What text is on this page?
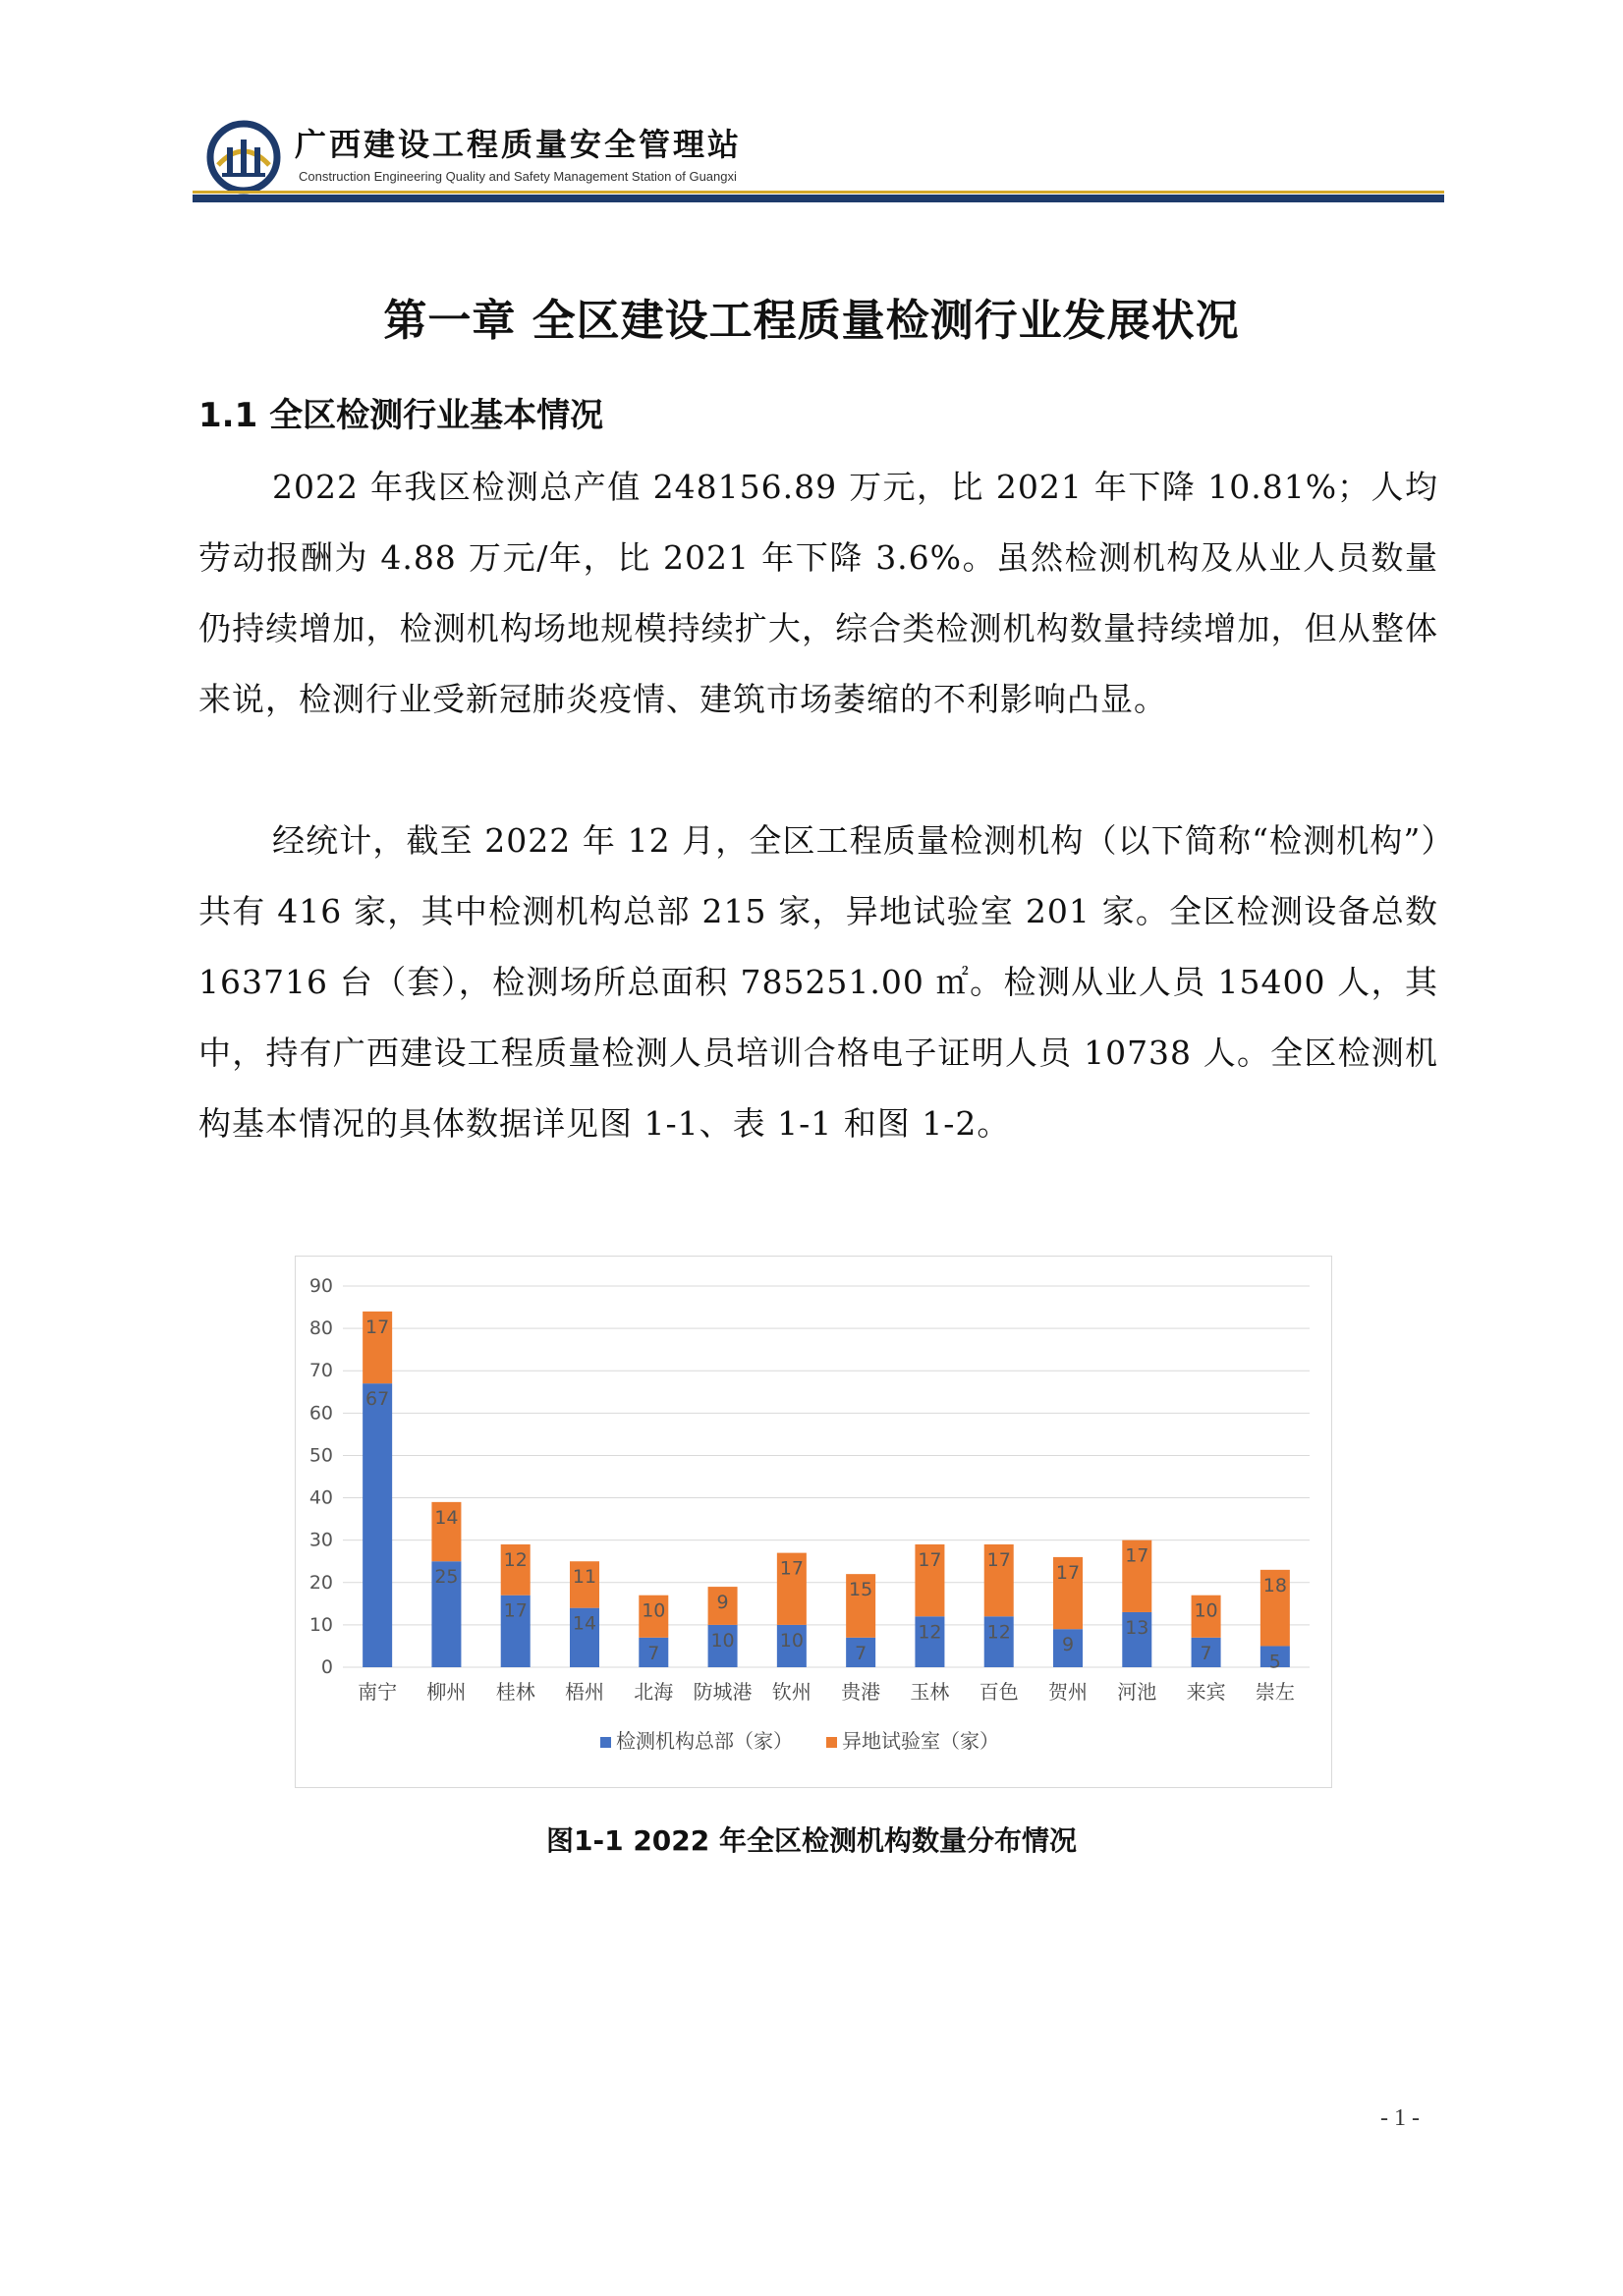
广西建设工程质量安全管理站
Construction Engineering Quality and Safety Management Station of Guangxi
第一章 全区建设工程质量检测行业发展状况
1.1 全区检测行业基本情况

2022 年我区检测总产值 248156.89 万元，比 2021 年下降 10.81%；人均劳动报酬为 4.88 万元/年，比 2021 年下降 3.6%。虽然检测机构及从业人员数量仍持续增加，检测机构场地规模持续扩大，综合类检测机构数量持续增加，但从整体来说，检测行业受新冠肺炎疫情、建筑市场萎缩的不利影响凸显。

经统计，截至 2022 年 12 月，全区工程质量检测机构（以下简称“检测机构”）共有 416 家，其中检测机构总部 215 家，异地试验室 201 家。全区检测设备总数 163716 台（套），检测场所总面积 785251.00 ㎡。检测从业人员 15400 人，其中，持有广西建设工程质量检测人员培训合格电子证明人员 10738 人。全区检测机构基本情况的具体数据详见图 1-1、表 1-1 和图 1-2。

0
10
20
30
40
50
60
70
80
90
67
17
南宁
25
14
柳州
17
12
桂林
14
11
梧州
7
10
北海
10
9
防城港
10
17
钦州
7
15
贵港
12
17
玉林
12
17
百色
9
17
贺州
13
17
河池
7
10
来宾
5
18
崇左
检测机构总部（家）	异地试验室（家）
图1-1 2022 年全区检测机构数量分布情况
- 1 -
